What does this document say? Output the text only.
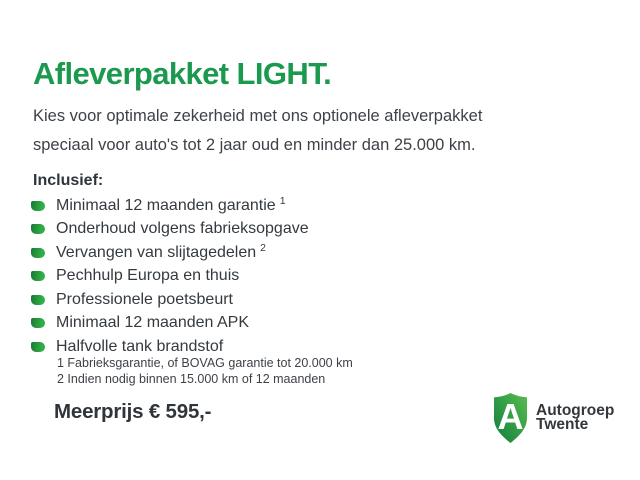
Afleverpakket LIGHT.
Kies voor optimale zekerheid met ons optionele afleverpakket
speciaal voor auto's tot 2 jaar oud en minder dan 25.000 km.
Inclusief:
Minimaal 12 maanden garantie 1
Onderhoud volgens fabrieksopgave
Vervangen van slijtagedelen 2
Pechhulp Europa en thuis
Professionele poetsbeurt
Minimaal 12 maanden APK
Halfvolle tank brandstof
1 Fabrieksgarantie, of BOVAG garantie tot 20.000 km
2 Indien nodig binnen 15.000 km of 12 maanden
Meerprijs € 595,-	A Autogroep
Twente
